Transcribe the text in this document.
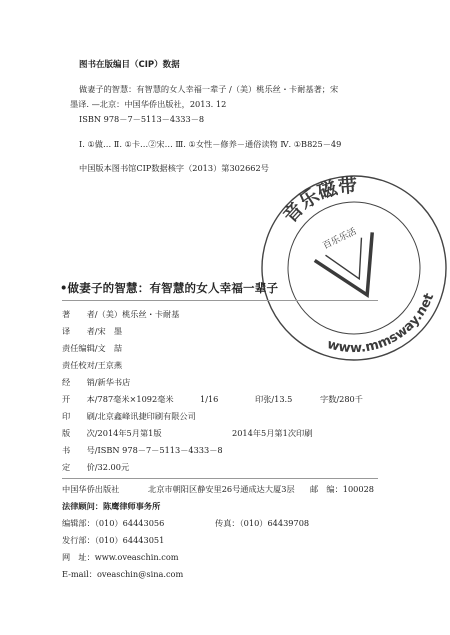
图书在版编目（CIP）数据
做妻子的智慧：有智慧的女人幸福一辈子 /（美）桃乐丝・卡耐基著；宋
墨译. —北京：中国华侨出版社，2013. 12
ISBN 978－7－5113－4333－8
Ⅰ. ①做… Ⅱ. ①卡…②宋… Ⅲ. ①女性－修养－通俗读物 Ⅳ. ①B825－49
中国版本图书馆CIP数据核字（2013）第302662号
音乐磁带
www.mmsway.net
百乐乐活
•做妻子的智慧：有智慧的女人幸福一辈子
著　　者/（美）桃乐丝・卡耐基
译　　者/宋　墨
责任编辑/文　喆
责任校对/王京燕
经　　销/新华书店
开　　本/787毫米×1092毫米	1/16	印张/13.5	字数/280千
印　　刷/北京鑫峰讯捷印刷有限公司
版　　次/2014年5月第1版	2014年5月第1次印刷
书　　号/ISBN 978－7－5113－4333－8
定　　价/32.00元
中国华侨出版社	北京市朝阳区静安里26号通成达大厦3层 邮　编：100028
法律顾问：陈鹰律师事务所
编辑部：（010）64443056	传真：（010）64439708
发行部：（010）64443051
网　址：www.oveaschin.com
E-mail：oveaschin@sina.com
